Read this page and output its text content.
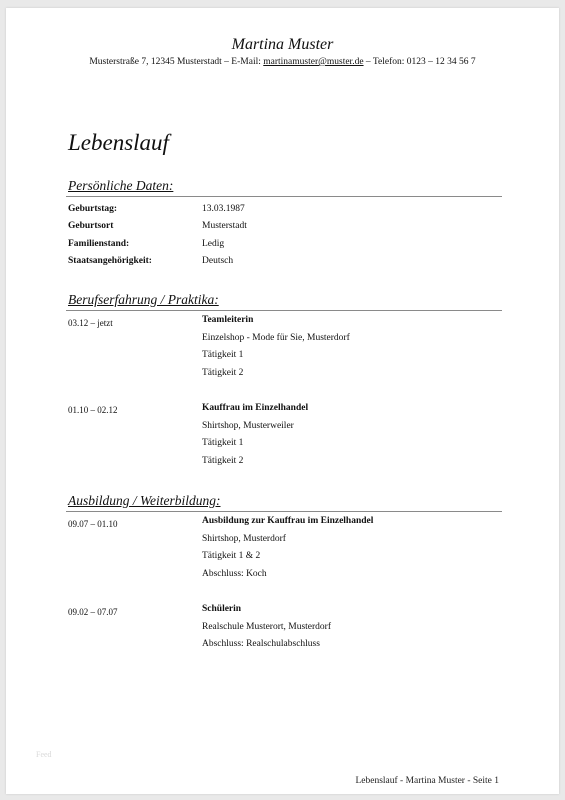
Martina Muster
Musterstraße 7, 12345 Musterstadt – E-Mail: martinamuster@muster.de – Telefon: 0123 – 12 34 56 7
Lebenslauf
Persönliche Daten:
Geburtstag:	13.03.1987
Geburtsort	Musterstadt
Familienstand:	Ledig
Staatsangehörigkeit:	Deutsch
Berufserfahrung / Praktika:
03.12 – jetzt	Teamleiterin
Einzelshop - Mode für Sie, Musterdorf
Tätigkeit 1
Tätigkeit 2
01.10 – 02.12	Kauffrau im Einzelhandel
Shirtshop, Musterweiler
Tätigkeit 1
Tätigkeit 2
Ausbildung / Weiterbildung:
09.07 – 01.10	Ausbildung zur Kauffrau im Einzelhandel
Shirtshop, Musterdorf
Tätigkeit 1 & 2
Abschluss: Koch
09.02 – 07.07	Schülerin
Realschule Musterort, Musterdorf
Abschluss: Realschulabschluss
Feed
Lebenslauf - Martina Muster - Seite 1
